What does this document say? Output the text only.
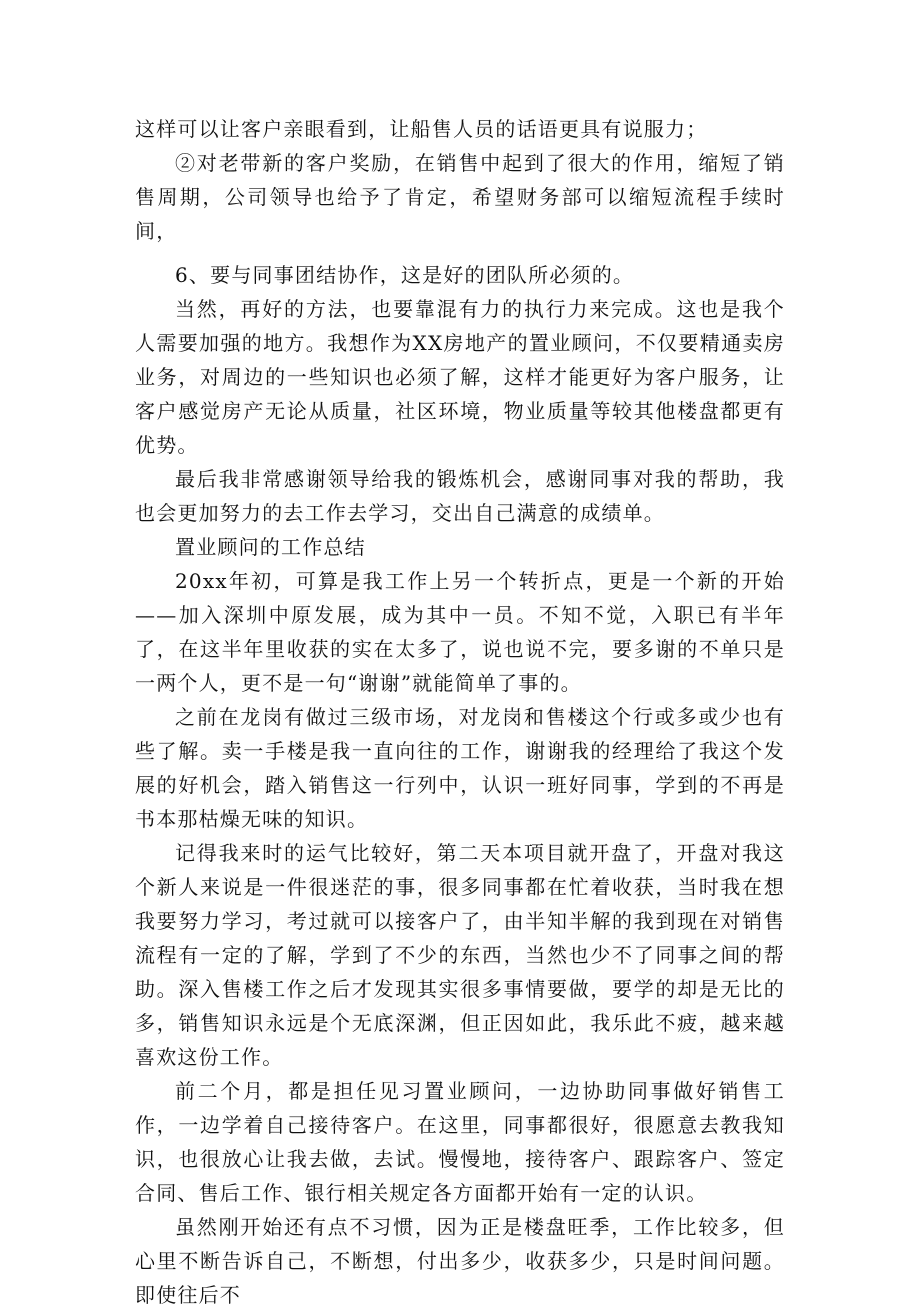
这样可以让客户亲眼看到，让船售人员的话语更具有说服力；

②对老带新的客户奖励，在销售中起到了很大的作用，缩短了销售周期，公司领导也给予了肯定，希望财务部可以缩短流程手续时间，

6、要与同事团结协作，这是好的团队所必须的。

当然，再好的方法，也要靠混有力的执行力来完成。这也是我个人需要加强的地方。我想作为XX房地产的置业顾问，不仅要精通卖房业务，对周边的一些知识也必须了解，这样才能更好为客户服务，让客户感觉房产无论从质量，社区环境，物业质量等较其他楼盘都更有优势。

最后我非常感谢领导给我的锻炼机会，感谢同事对我的帮助，我也会更加努力的去工作去学习，交出自己满意的成绩单。

置业顾问的工作总结

20xx年初，可算是我工作上另一个转折点，更是一个新的开始——加入深圳中原发展，成为其中一员。不知不觉，入职已有半年了，在这半年里收获的实在太多了，说也说不完，要多谢的不单只是一两个人，更不是一句“谢谢”就能简单了事的。

之前在龙岗有做过三级市场，对龙岗和售楼这个行或多或少也有些了解。卖一手楼是我一直向往的工作，谢谢我的经理给了我这个发展的好机会，踏入销售这一行列中，认识一班好同事，学到的不再是书本那枯燥无味的知识。

记得我来时的运气比较好，第二天本项目就开盘了，开盘对我这个新人来说是一件很迷茫的事，很多同事都在忙着收获，当时我在想我要努力学习，考过就可以接客户了，由半知半解的我到现在对销售流程有一定的了解，学到了不少的东西，当然也少不了同事之间的帮助。深入售楼工作之后才发现其实很多事情要做，要学的却是无比的多，销售知识永远是个无底深渊，但正因如此，我乐此不疲，越来越喜欢这份工作。

前二个月，都是担任见习置业顾问，一边协助同事做好销售工作，一边学着自己接待客户。在这里，同事都很好，很愿意去教我知识，也很放心让我去做，去试。慢慢地，接待客户、跟踪客户、签定合同、售后工作、银行相关规定各方面都开始有一定的认识。

虽然刚开始还有点不习惯，因为正是楼盘旺季，工作比较多，但心里不断告诉自己，不断想，付出多少，收获多少，只是时间问题。即使往后不
